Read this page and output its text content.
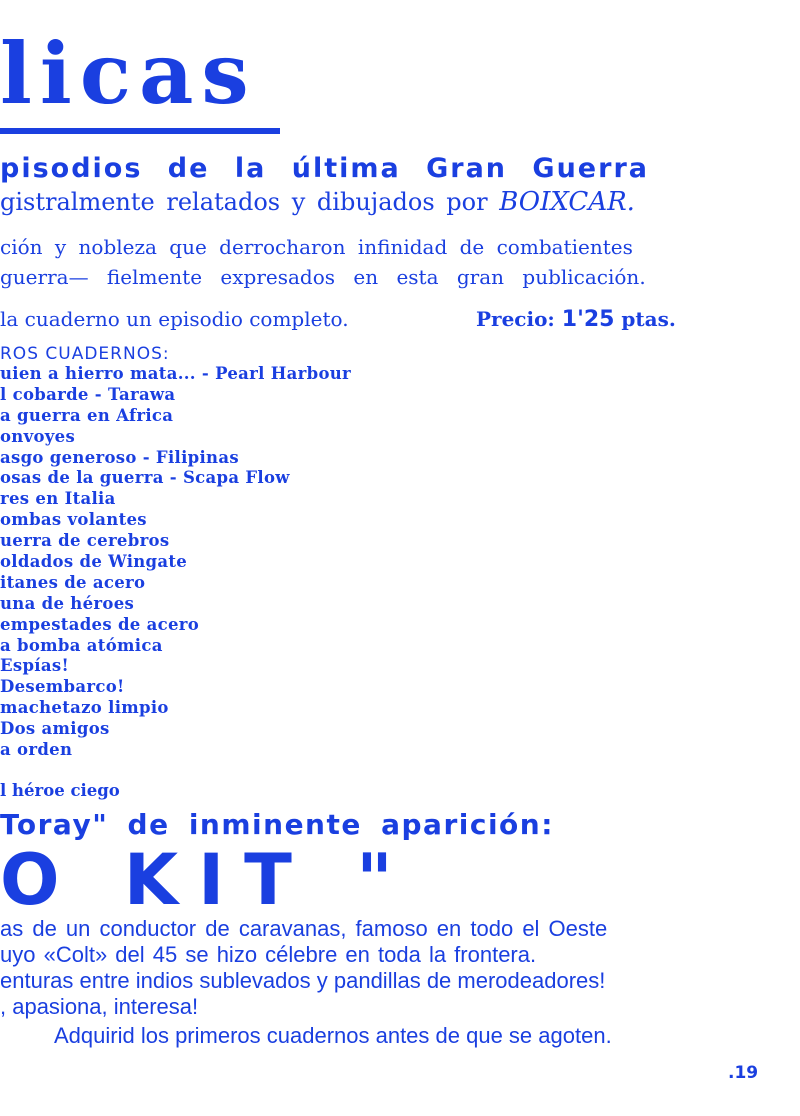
licas
pisodios de la última Gran Guerra
gistralmente relatados y dibujados por BOIXCAR.
ción y nobleza que derrocharon infinidad de combatientes
guerra— fielmente expresados en esta gran publicación.
la cuaderno un episodio completo.	Precio: 1'25 ptas.
ROS CUADERNOS:
uien a hierro mata... - Pearl Harbour
l cobarde - Tarawa
a guerra en Africa
onvoyes
asgo generoso - Filipinas
osas de la guerra - Scapa Flow
res en Italia
ombas volantes
uerra de cerebros
oldados de Wingate
itanes de acero
una de héroes
empestades de acero
a bomba atómica
Espías!
Desembarco!
machetazo limpio
Dos amigos
a orden
l héroe ciego
Toray" de inminente aparición:
O KIT "
as de un conductor de caravanas, famoso en todo el Oeste
uyo «Colt» del 45 se hizo célebre en toda la frontera.
enturas entre indios sublevados y pandillas de merodeadores!
, apasiona, interesa!
Adquirid los primeros cuadernos antes de que se agoten.
.19
